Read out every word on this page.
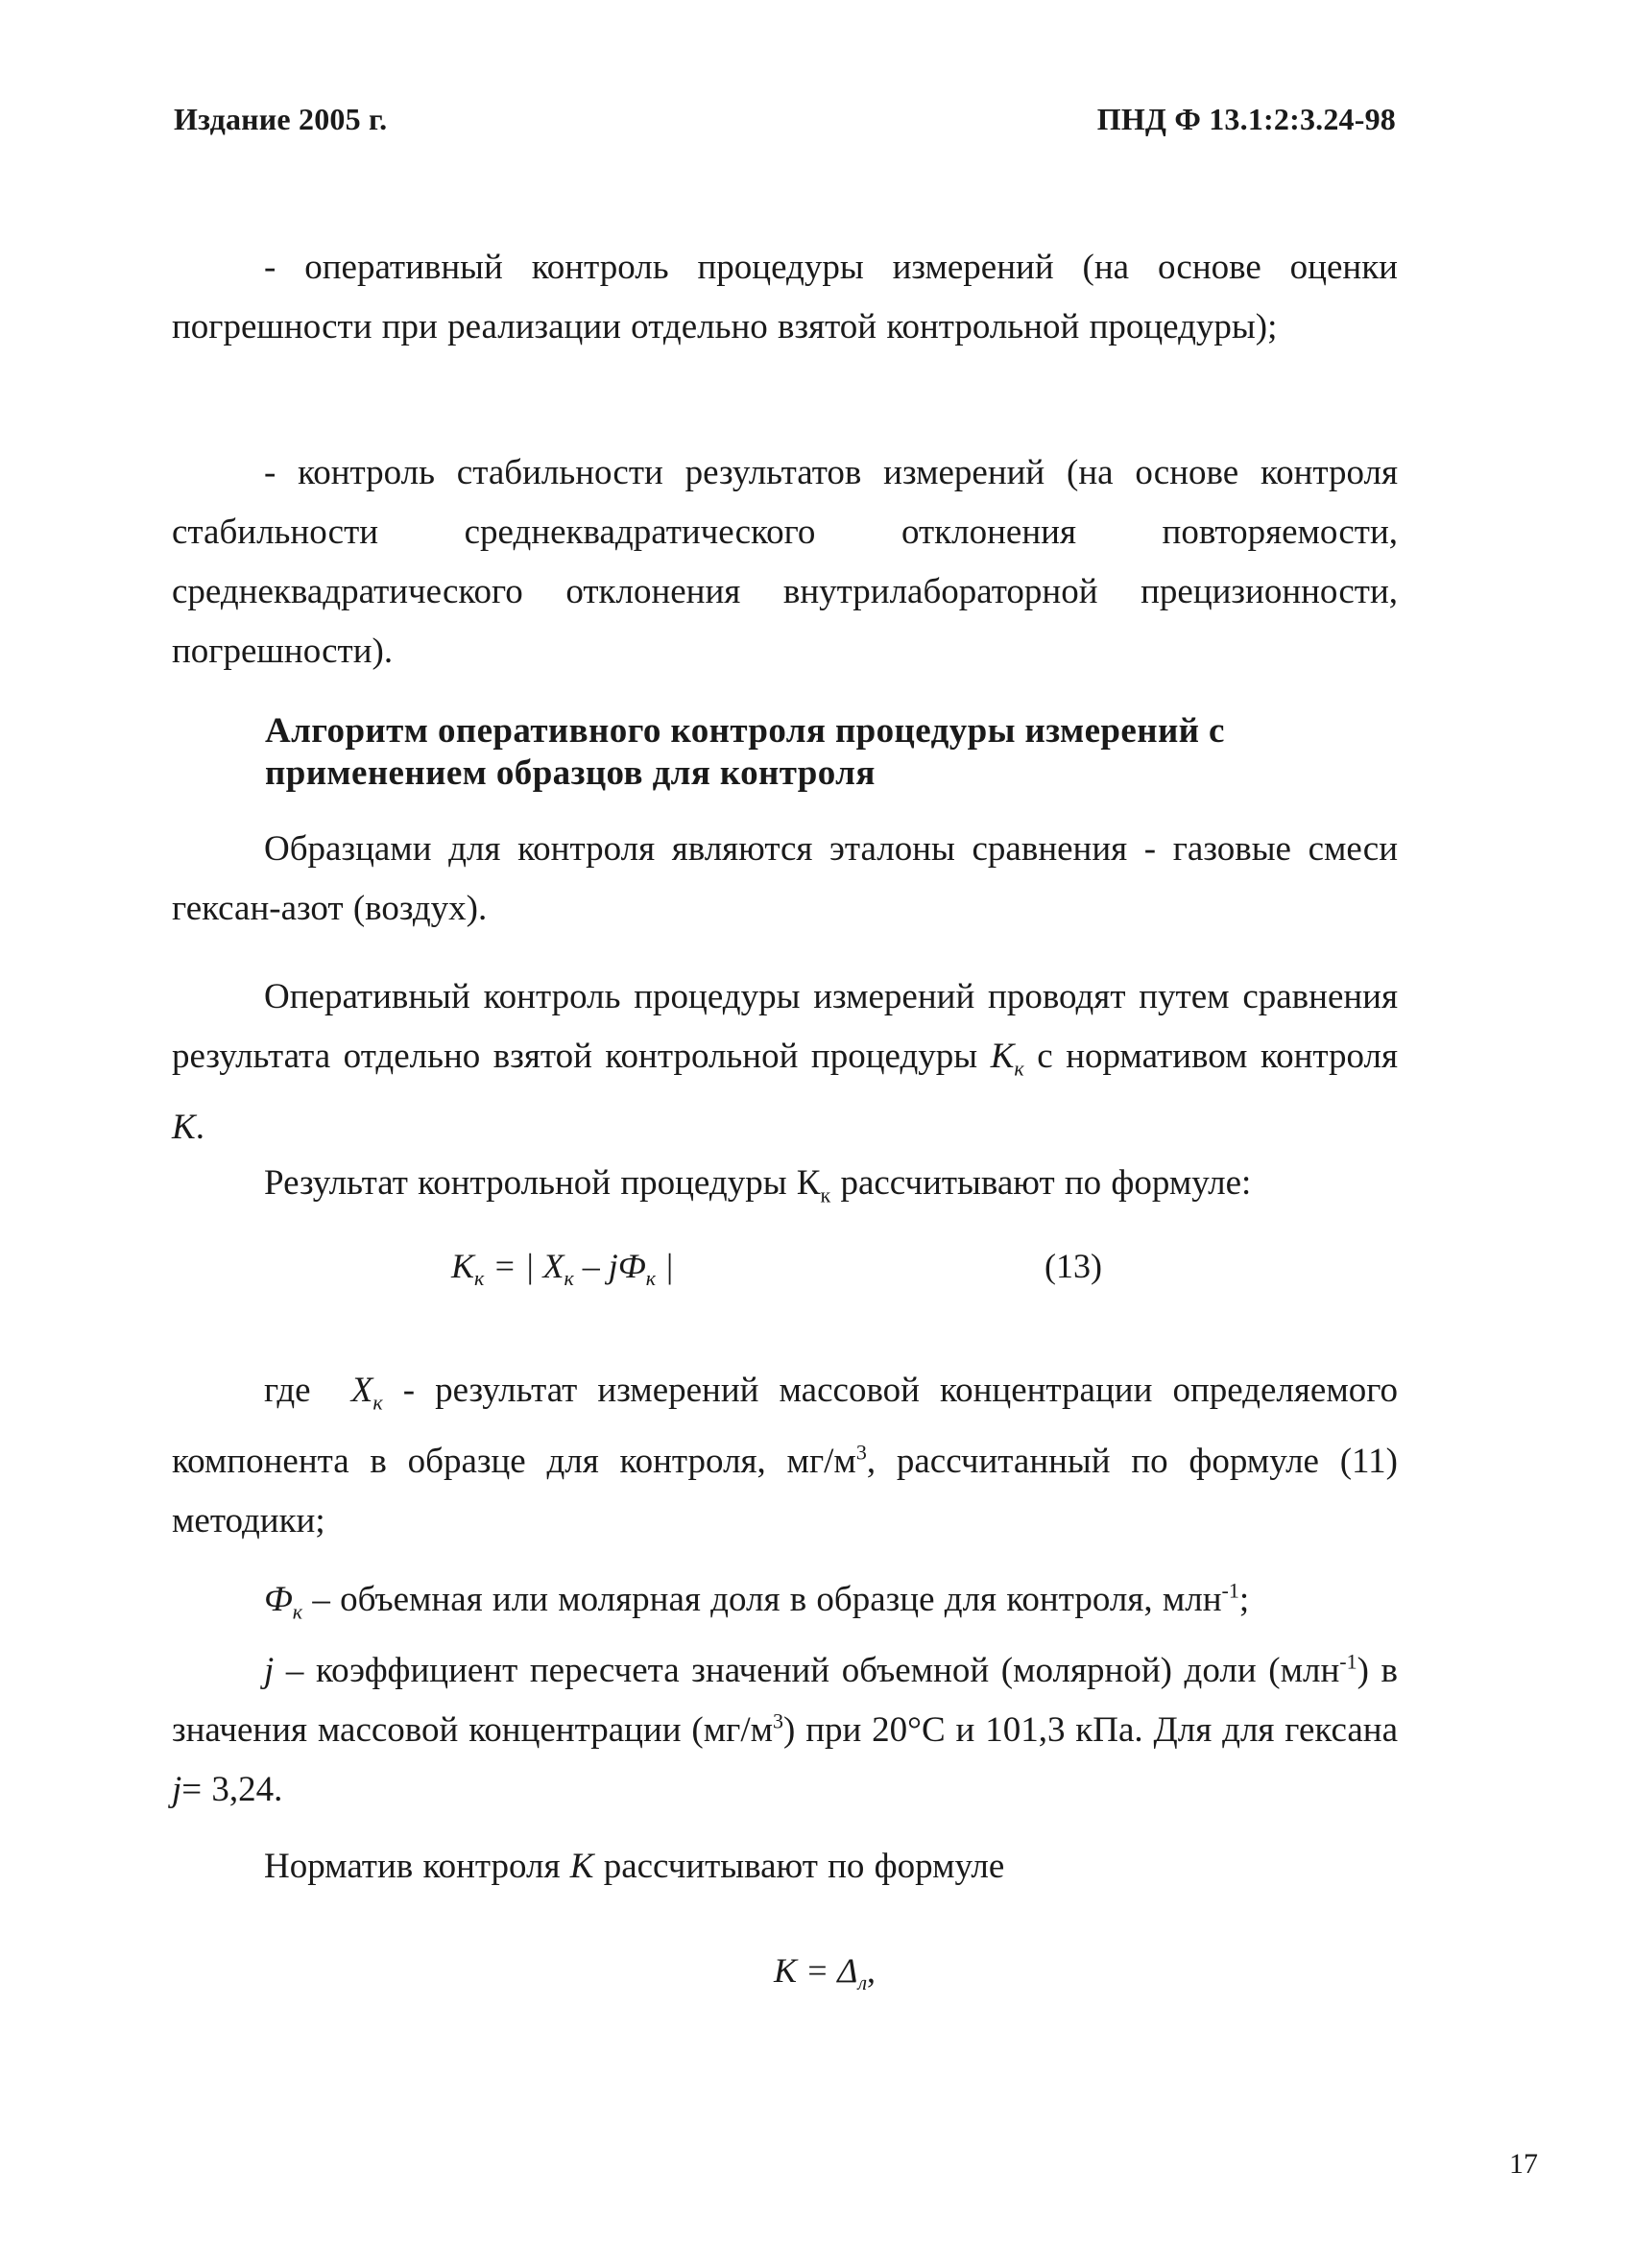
Издание 2005 г.	ПНД Ф 13.1:2:3.24-98
- оперативный контроль процедуры измерений (на основе оценки погрешности при реализации отдельно взятой контрольной процедуры);
- контроль стабильности результатов измерений (на основе контроля стабильности среднеквадратического отклонения повторяемости, среднеквадратического отклонения внутрилабораторной прецизионности, погрешности).
Алгоритм оперативного контроля процедуры измерений с
применением образцов для контроля
Образцами для контроля являются эталоны сравнения - газовые смеси гексан-азот (воздух).
Оперативный контроль процедуры измерений проводят путем сравнения результата отдельно взятой контрольной процедуры $K_к$ с нормативом контроля K.
Результат контрольной процедуры $К_к$ рассчитывают по формуле:
$K_к$ = | $X_к - jФ_к$ |	(13)
где $X_к$ - результат измерений массовой концентрации определяемого компонента в образце для контроля, $мг/м^3$, рассчитанный по формуле (11) методики;
$Ф_к$ – объемная или молярная доля в образце для контроля, млн$^{-1}$;
j – коэффициент пересчета значений объемной (молярной) доли (млн$^{-1}$) в значения массовой концентрации $(мг/м^3)$ при 20°С и 101,3 кПа. Для для гексана j= 3,24.
Норматив контроля K рассчитывают по формуле
$K = \Delta_л$,
17
